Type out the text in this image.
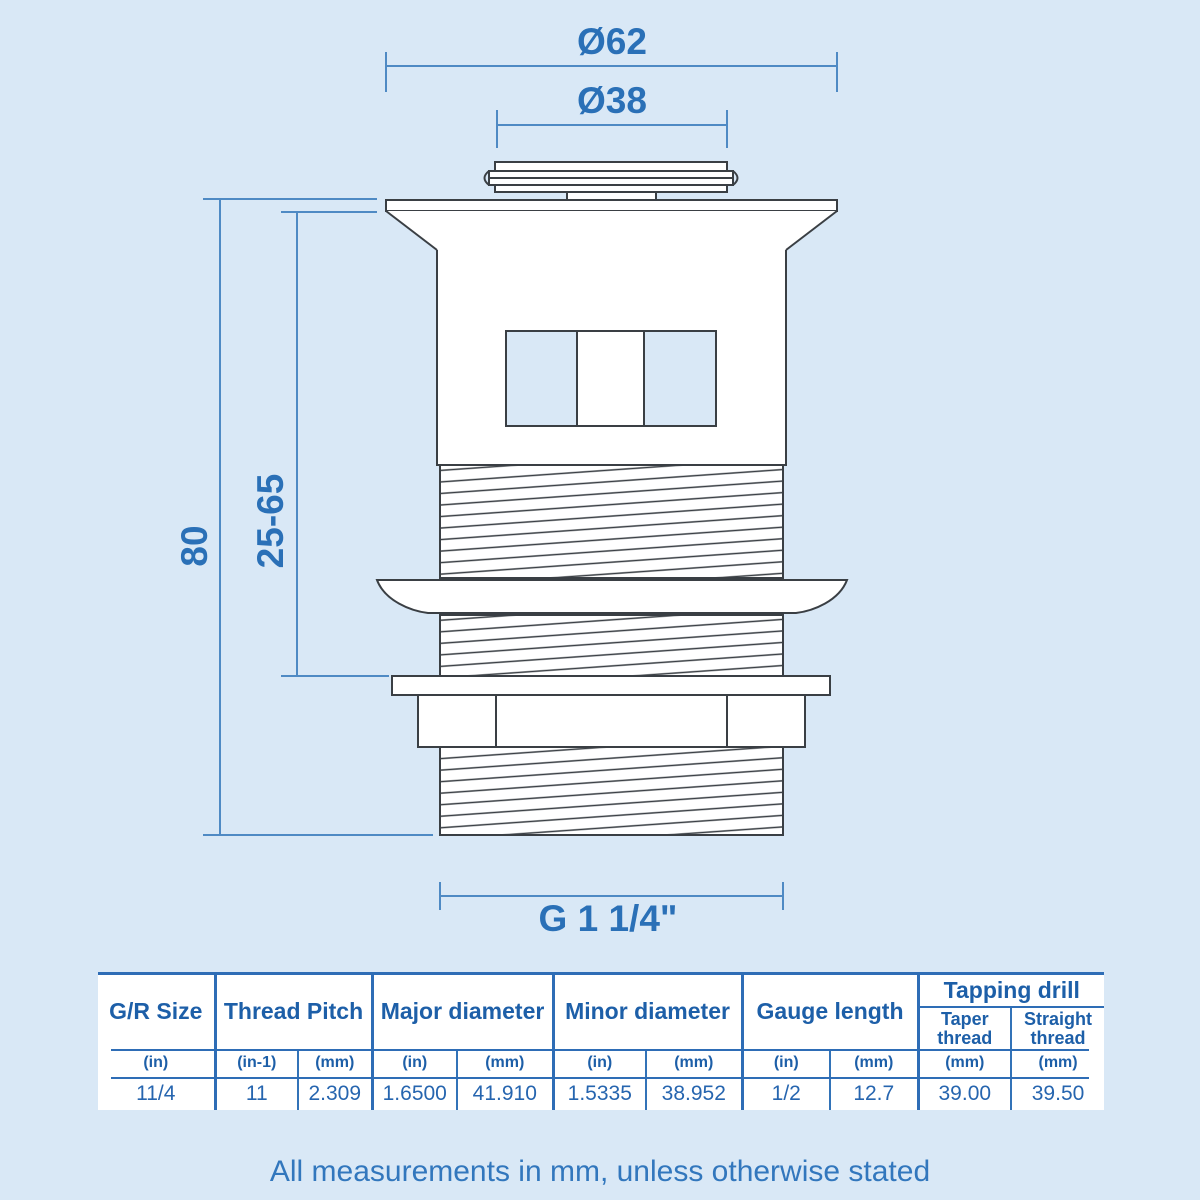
Ø62
Ø38
80 25-65
G 1 1/4"
G/R Size	Thread Pitch		Major diameter		Minor diameter		Gauge length		Tapping drill	
									Taper thread	Straight thread
(in)	(in-1)	(mm)	(in)	(mm)	(in)	(mm)	(in)	(mm)	(mm)	(mm)
11/4	11	2.309	1.6500	41.910	1.5335	38.952	1/2	12.7	39.00	39.50
All measurements in mm, unless otherwise stated
